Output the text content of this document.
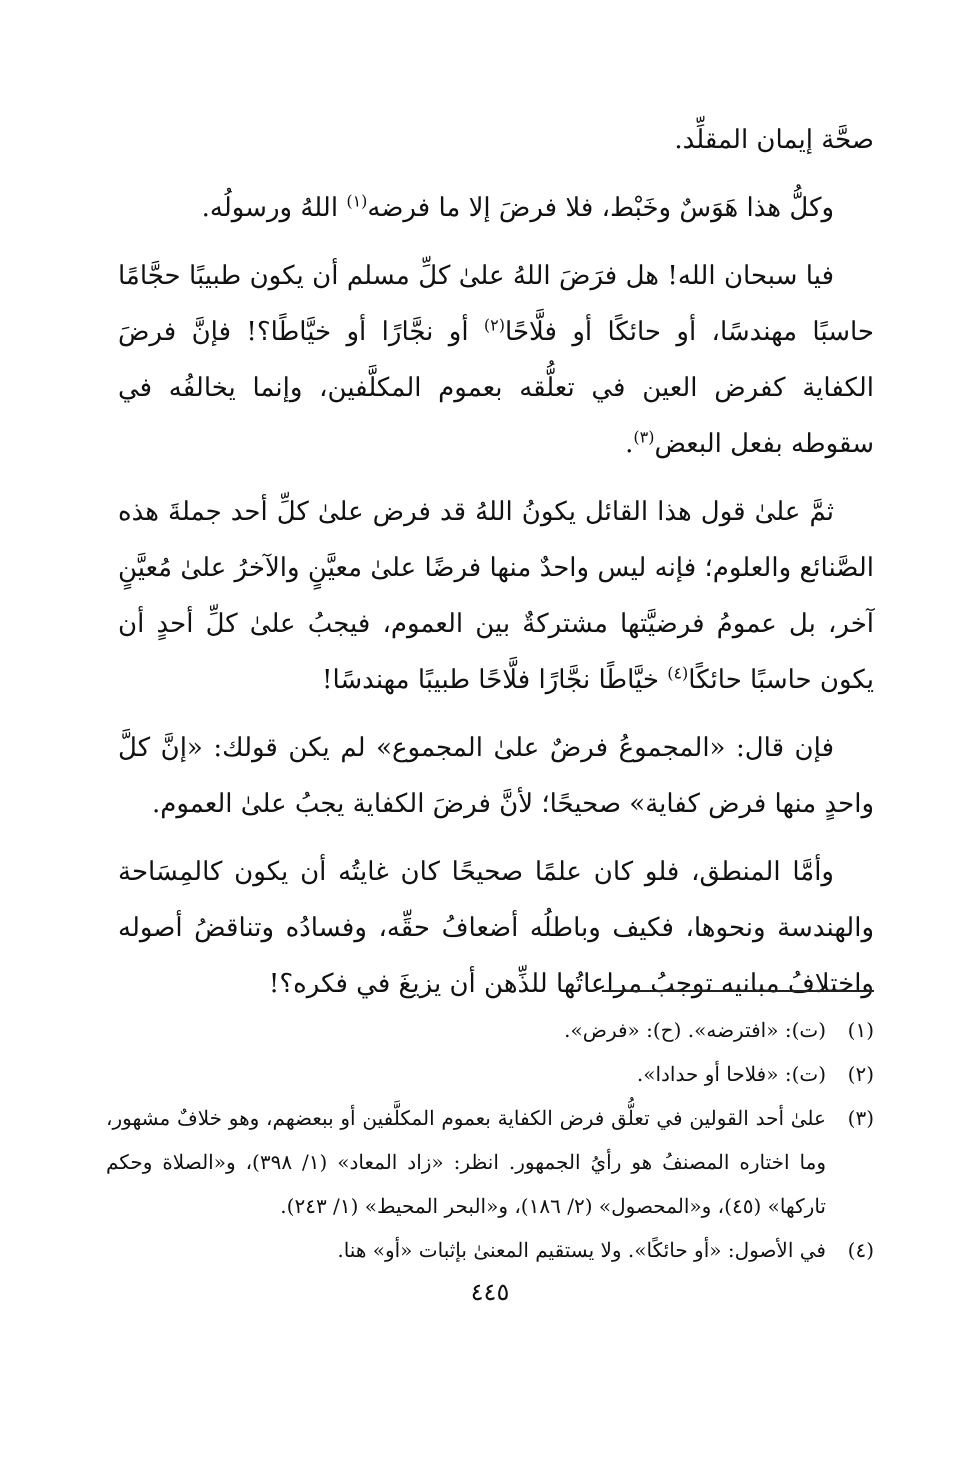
صحَّة إيمان المقلِّد.

وكلُّ هذا هَوَسٌ وخَبْط، فلا فرضَ إلا ما فرضه$^{(١)}$ اللهُ ورسولُه.

فيا سبحان الله! هل فرَضَ اللهُ علىٰ كلِّ مسلم أن يكون طبيبًا حجَّامًا حاسبًا مهندسًا، أو حائكًا أو فلَّاحًا$^{(٢)}$ أو نجَّارًا أو خيَّاطًا؟! فإنَّ فرضَ الكفاية كفرض العين في تعلُّقه بعموم المكلَّفين، وإنما يخالفُه في سقوطه بفعل البعض$^{(٣)}$.

ثمَّ علىٰ قول هذا القائل يكونُ اللهُ قد فرض علىٰ كلِّ أحد جملةَ هذه الصَّنائع والعلوم؛ فإنه ليس واحدٌ منها فرضًا علىٰ معيَّنٍ والآخرُ علىٰ مُعيَّنٍ آخر، بل عمومُ فرضيَّتها مشتركةٌ بين العموم، فيجبُ علىٰ كلِّ أحدٍ أن يكون حاسبًا حائكًا$^{(٤)}$ خيَّاطًا نجَّارًا فلَّاحًا طبيبًا مهندسًا!

فإن قال: «المجموعُ فرضٌ علىٰ المجموع» لم يكن قولك: «إنَّ كلَّ واحدٍ منها فرض كفاية» صحيحًا؛ لأنَّ فرضَ الكفاية يجبُ علىٰ العموم.

وأمَّا المنطق، فلو كان علمًا صحيحًا كان غايتُه أن يكون كالمِسَاحة والهندسة ونحوها، فكيف وباطلُه أضعافُ حقِّه، وفسادُه وتناقضُ أصوله واختلافُ مبانيه توجبُ مراعاتُها للذِّهن أن يزيغَ في فكره؟!

(١)
(ت): «افترضه». (ح): «فرض».
(٢)
(ت): «فلاحا أو حدادا».
(٣)
علىٰ أحد القولين في تعلُّق فرض الكفاية بعموم المكلَّفين أو ببعضهم، وهو خلافٌ مشهور، وما اختاره المصنفُ هو رأيُ الجمهور. انظر: «زاد المعاد» (١/ ٣٩٨)، و«الصلاة وحكم تاركها» (٤٥)، و«المحصول» (٢/ ١٨٦)، و«البحر المحيط» (١/ ٢٤٣).
(٤)
في الأصول: «أو حائكًا». ولا يستقيم المعنىٰ بإثبات «أو» هنا.
٤٤٥
